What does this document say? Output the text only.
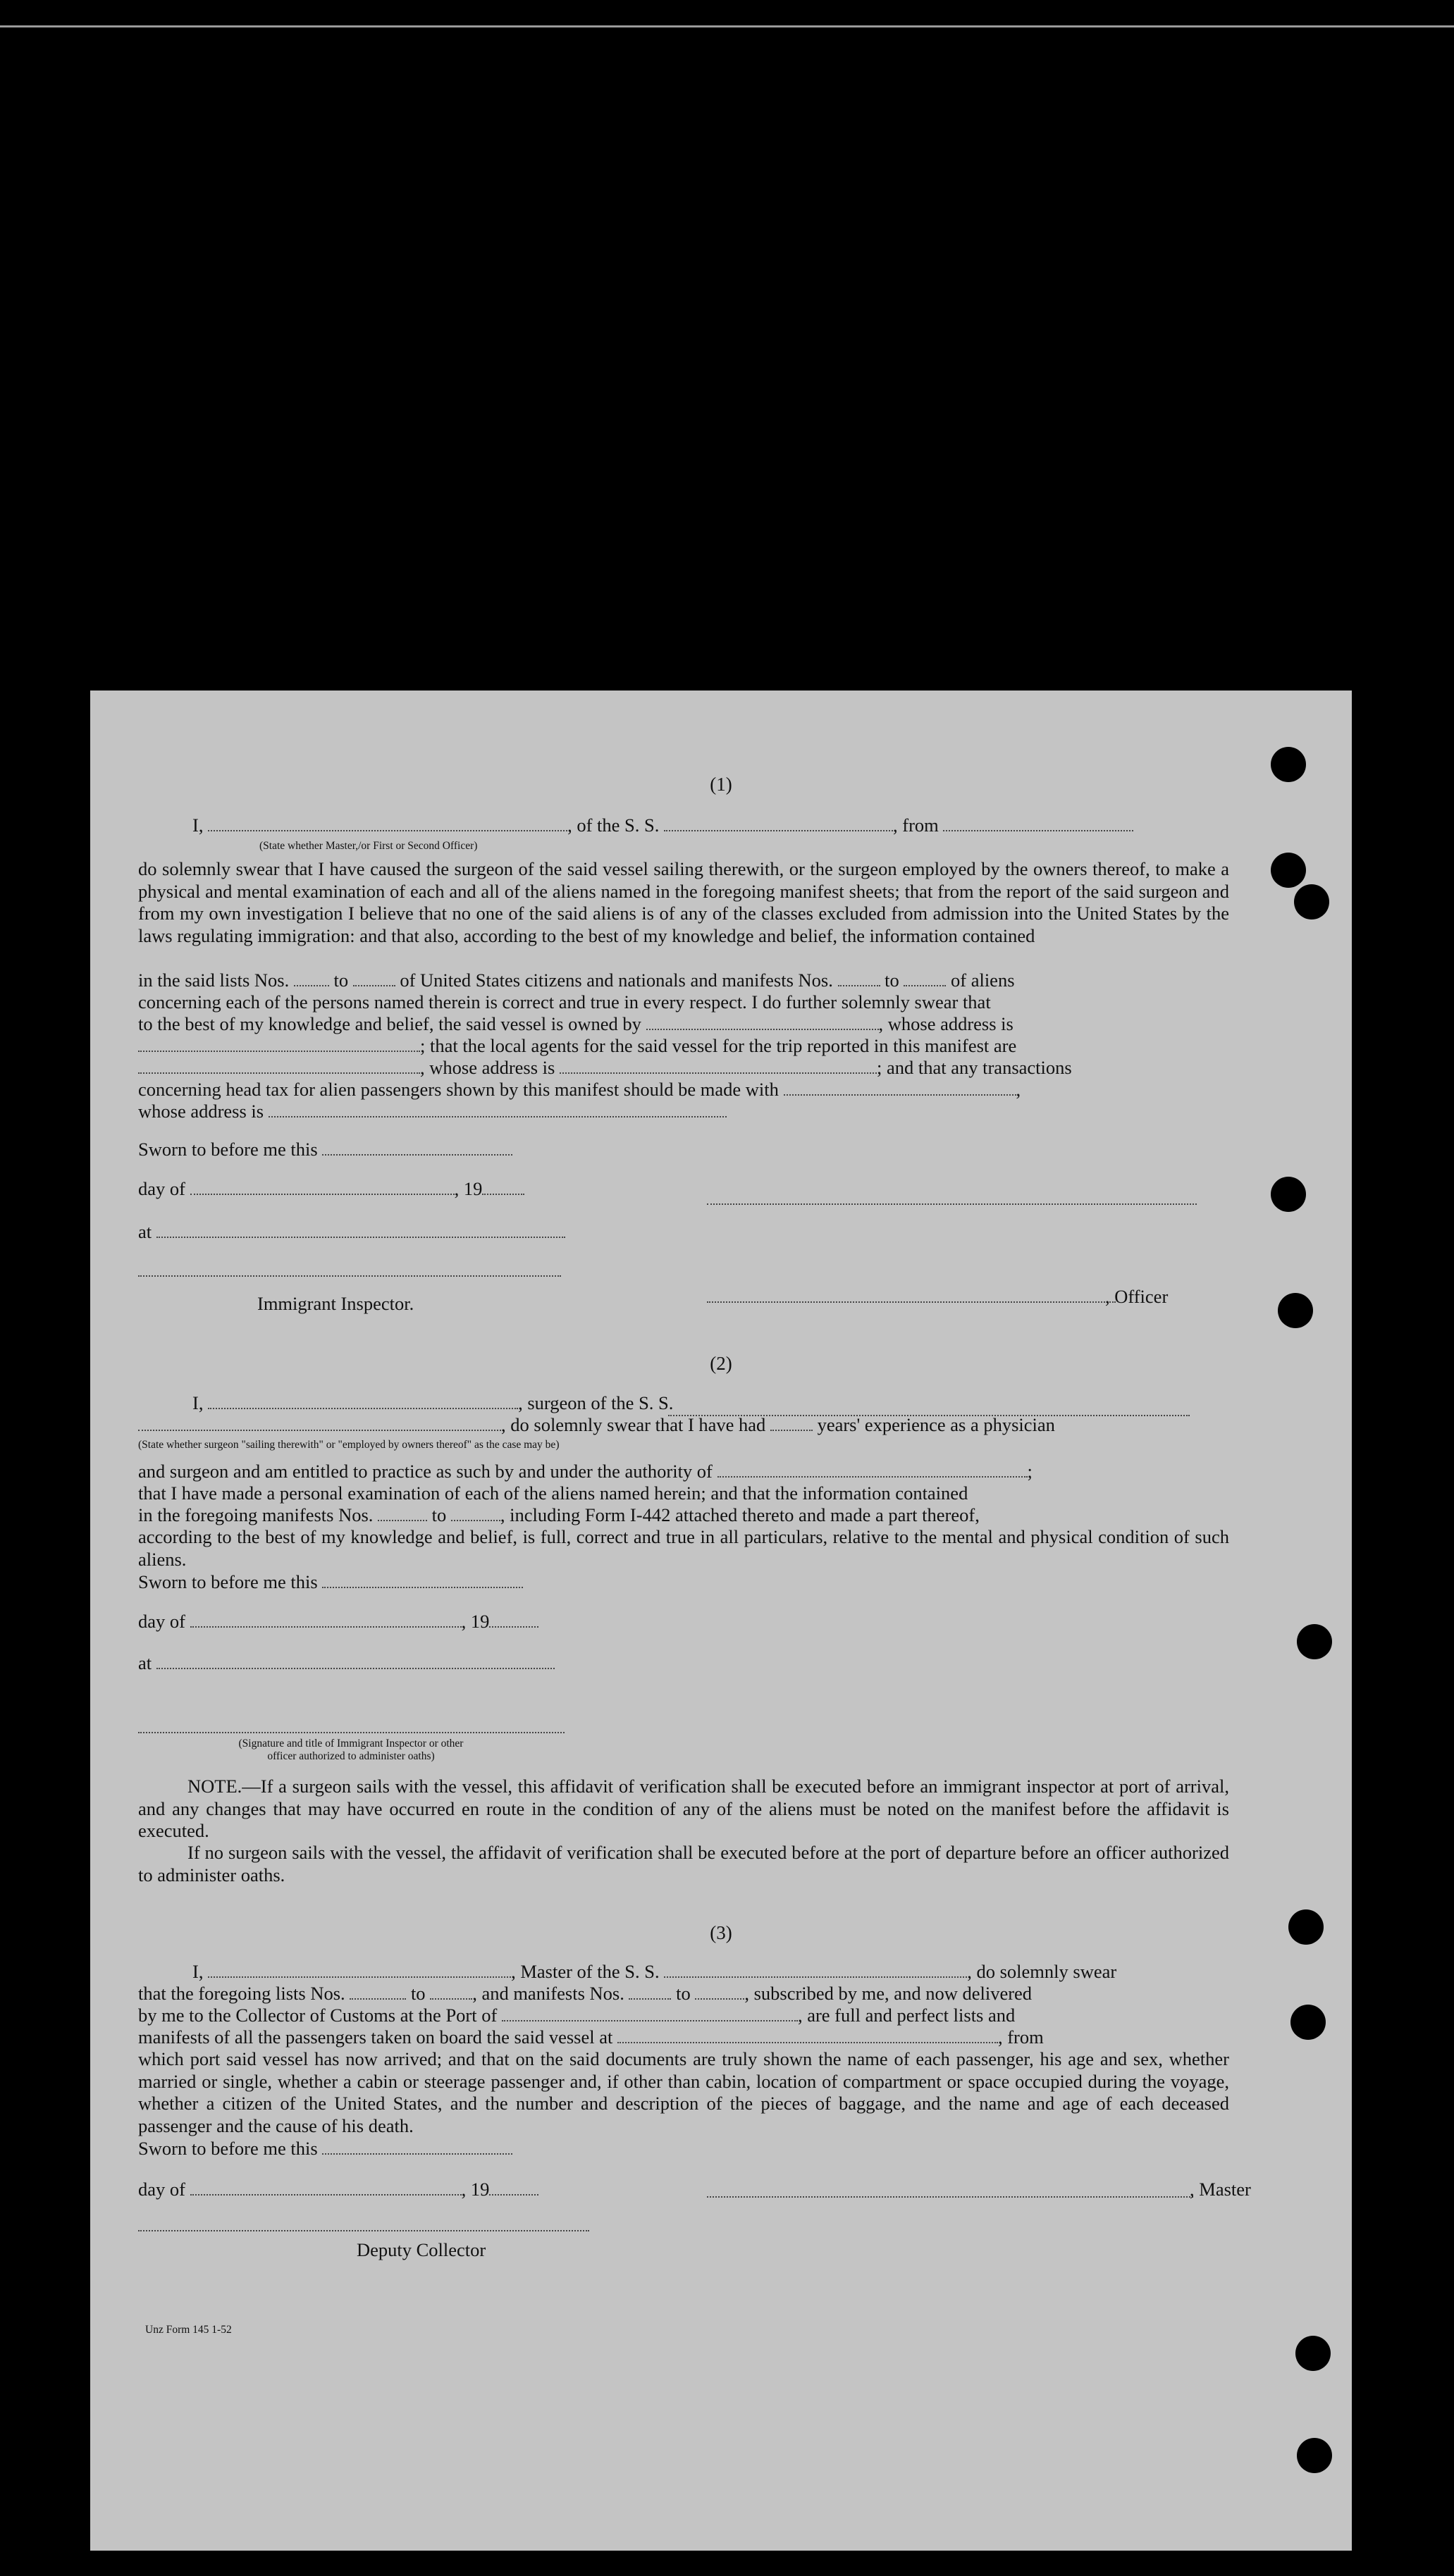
(1)
I,	, of the S. S.	, from
(State whether Master,/or First or Second Officer)
do solemnly swear that I have caused the surgeon of the said vessel sailing therewith, or the surgeon employed by the owners thereof, to make a physical and mental examination of each and all of the aliens named in the foregoing manifest sheets; that from the report of the said surgeon and from my own investigation I believe that no one of the said aliens is of any of the classes excluded from admission into the United States by the laws regulating immigration: and that also, according to the best of my knowledge and belief, the information contained
in the said lists Nos. to	of United States citizens and nationals and manifests Nos.	to	of aliens
concerning each of the persons named therein is correct and true in every respect. I do further solemnly swear that
to the best of my knowledge and belief, the said vessel is owned by	, whose address is
; that the local agents for the said vessel for the trip reported in this manifest are
, whose address is	; and that any transactions
concerning head tax for alien passengers shown by this manifest should be made with	,
whose address is
Sworn to before me this
day of	, 19
at
Immigrant Inspector.	, Officer
(2)
I,	, surgeon of the S. S.
, do solemnly swear that I have had	years' experience as a physician
(State whether surgeon "sailing therewith" or "employed by owners thereof" as the case may be)
and surgeon and am entitled to practice as such by and under the authority of	;
that I have made a personal examination of each of the aliens named herein; and that the information contained
in the foregoing manifests Nos.	to	, including Form I-442 attached thereto and made a part thereof,
according to the best of my knowledge and belief, is full, correct and true in all particulars, relative to the mental and physical condition of such aliens.
Sworn to before me this
day of	, 19
at
(Signature and title of Immigrant Inspector or other
officer authorized to administer oaths)
NOTE.—If a surgeon sails with the vessel, this affidavit of verification shall be executed before an immigrant inspector at port of arrival, and any changes that may have occurred en route in the condition of any of the aliens must be noted on the manifest before the affidavit is executed.
If no surgeon sails with the vessel, the affidavit of verification shall be executed before at the port of departure before an officer authorized to administer oaths.
(3)
I,	, Master of the S. S.	, do solemnly swear
that the foregoing lists Nos.	to	, and manifests Nos.	to	, subscribed by me, and now delivered
by me to the Collector of Customs at the Port of	, are full and perfect lists and
manifests of all the passengers taken on board the said vessel at	, from
which port said vessel has now arrived; and that on the said documents are truly shown the name of each passenger, his age and sex, whether married or single, whether a cabin or steerage passenger and, if other than cabin, location of compartment or space occupied during the voyage, whether a citizen of the United States, and the number and description of the pieces of baggage, and the name and age of each deceased passenger and the cause of his death.
Sworn to before me this
day of	, 19	, Master
Deputy Collector
Unz Form 145 1-52
